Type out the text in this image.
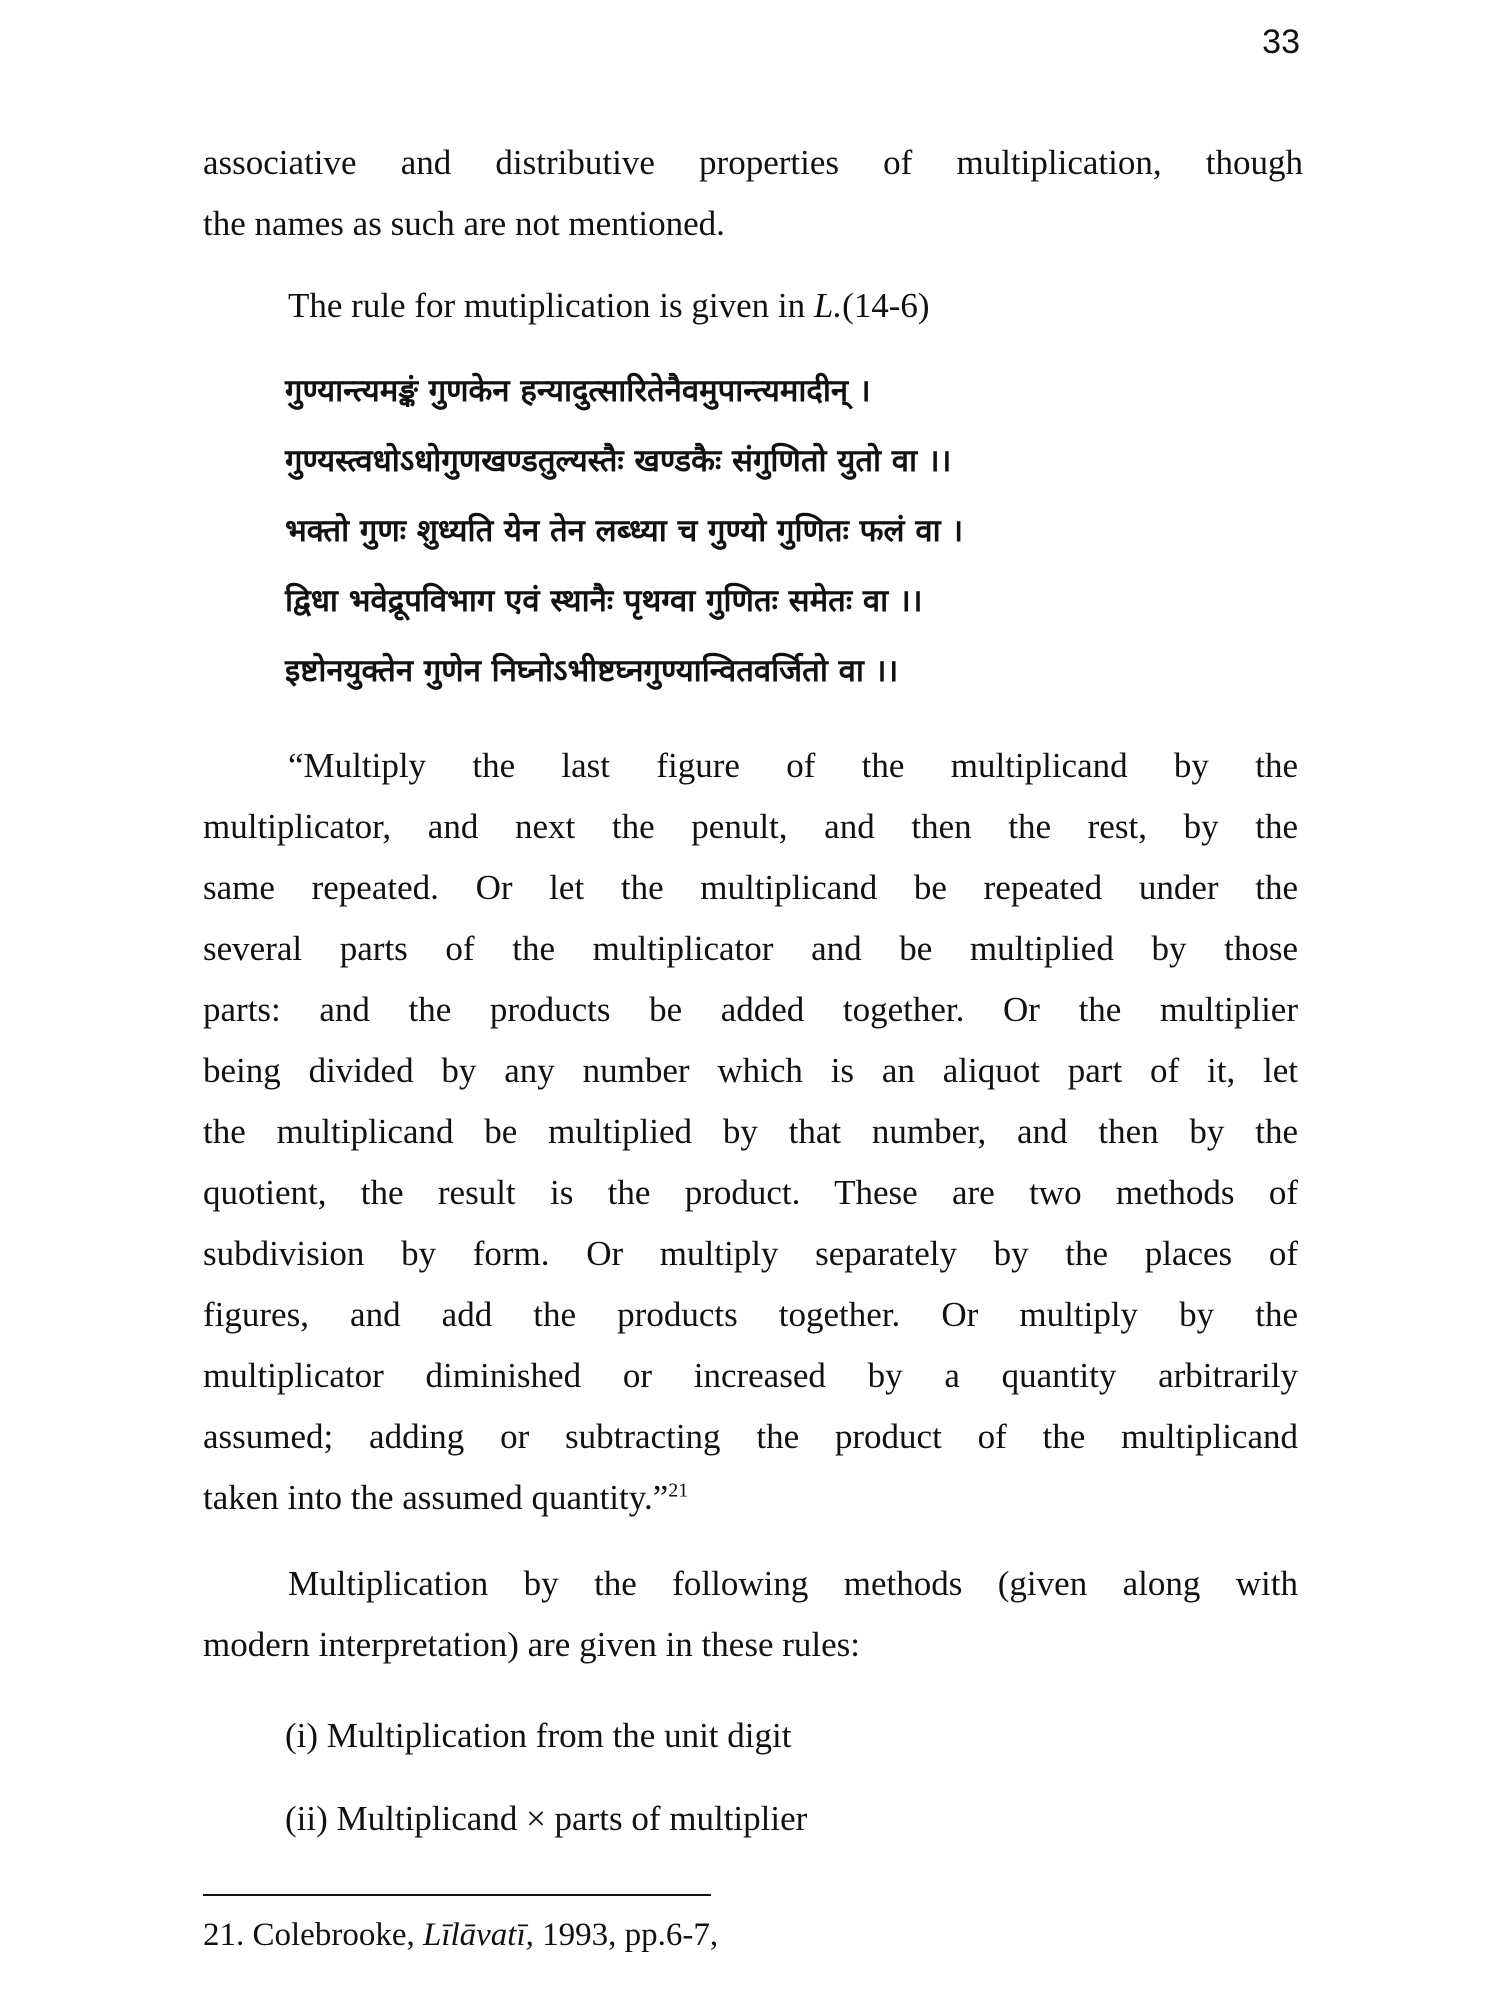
33
associative and distributive properties of multiplication, though
the names as such are not mentioned.
The rule for mutiplication is given in L.(14-6)
गुण्यान्त्यमङ्कं गुणकेन हन्यादुत्सारितेनैवमुपान्त्यमादीन् ।
गुण्यस्त्वधोऽधोगुणखण्डतुल्यस्तैः खण्डकैः संगुणितो युतो वा ।।
भक्तो गुणः शुध्यति येन तेन लब्ध्या च गुण्यो गुणितः फलं वा ।
द्विधा भवेद्रूपविभाग एवं स्थानैः पृथग्वा गुणितः समेतः वा ।।
इष्टोनयुक्तेन गुणेन निघ्नोऽभीष्टघ्नगुण्यान्वितवर्जितो वा ।।
“Multiply the last figure of the multiplicand by the
multiplicator, and next the penult, and then the rest, by the
same repeated. Or let the multiplicand be repeated under the
several parts of the multiplicator and be multiplied by those
parts: and the products be added together. Or the multiplier
being divided by any number which is an aliquot part of it, let
the multiplicand be multiplied by that number, and then by the
quotient, the result is the product. These are two methods of
subdivision by form. Or multiply separately by the places of
figures, and add the products together. Or multiply by the
multiplicator diminished or increased by a quantity arbitrarily
assumed; adding or subtracting the product of the multiplicand
taken into the assumed quantity.”$^{21}$
Multiplication by the following methods (given along with
modern interpretation) are given in these rules:
(i) Multiplication from the unit digit
(ii) Multiplicand × parts of multiplier
21. Colebrooke, Līlāvatī, 1993, pp.6-7,
